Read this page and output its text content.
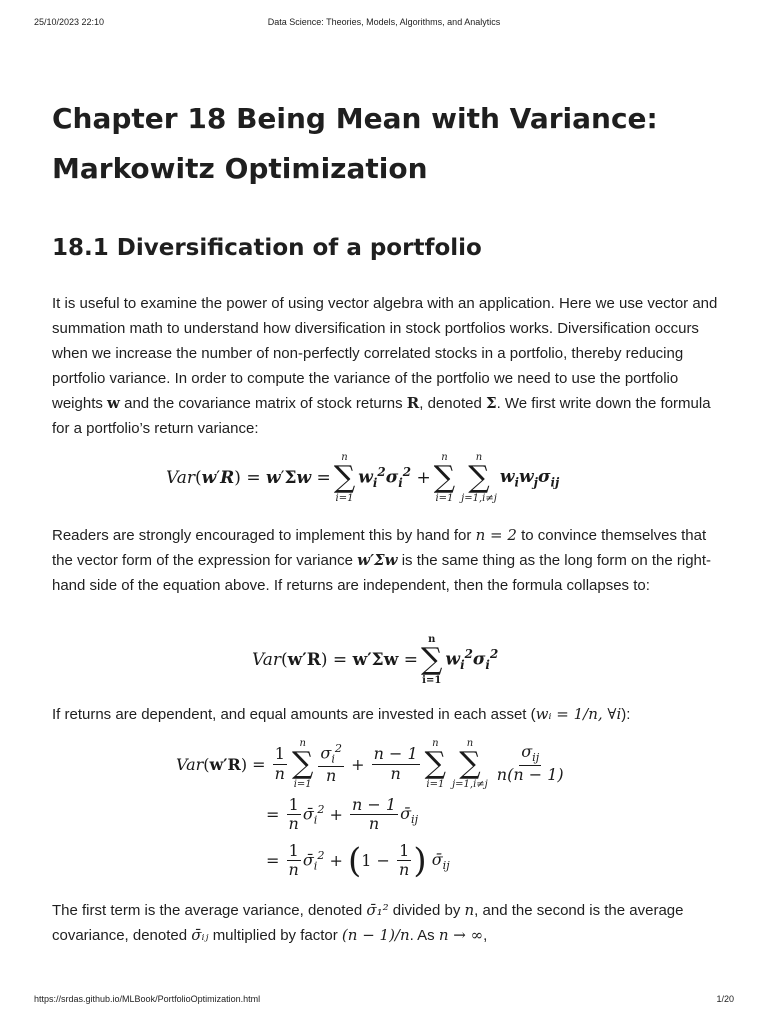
25/10/2023 22:10	Data Science: Theories, Models, Algorithms, and Analytics
Chapter 18 Being Mean with Variance: Markowitz Optimization
18.1 Diversification of a portfolio
It is useful to examine the power of using vector algebra with an application. Here we use vector and summation math to understand how diversification in stock portfolios works. Diversification occurs when we increase the number of non-perfectly correlated stocks in a portfolio, thereby reducing portfolio variance. In order to compute the variance of the portfolio we need to use the portfolio weights w and the covariance matrix of stock returns R, denoted Σ. We first write down the formula for a portfolio’s return variance:
Var ( w ′ R ) = w ′ Σ w =
n
∑
i=1
$w_i^2\sigma_i^2$ +
n
∑
i=1
n
∑
j=1,i≠j
$w_iw_j\sigma_{ij}$
Readers are strongly encouraged to implement this by hand for n = 2 to convince themselves that the vector form of the expression for variance w′Σw is the same thing as the long form on the right-hand side of the equation above. If returns are independent, then the formula collapses to:
Var ( w′R ) = w′Σw =
n
∑
i=1
$w_i^2\sigma_i^2$
If returns are dependent, and equal amounts are invested in each asset (wᵢ = 1/n, ∀i):
Var ( w′R ) = $\frac{1}{n}$
n
∑
$i=1 \frac{\sigma_i^2}{n} + \frac{n - 1}{n}$
n
∑
i=1
n
∑
$j=1,i\ne j \frac{\sigma_{ij}}{n(n - 1)}$
= $\frac{1}{n}$ $\sigmā_i^2 + \frac{n - 1}{n}$ $\sigmā_{ij}$
= $\frac{1}{n}$ $\sigmā_i^2$ + ( $1 - \frac{1}{n}$ ) $\sigmā_{ij}$
The first term is the average variance, denoted σ̄₁² divided by n, and the second is the average covariance, denoted σ̄ᵢⱼ multiplied by factor (n − 1)/n. As n → ∞,
https://srdas.github.io/MLBook/PortfolioOptimization.html	1/20
